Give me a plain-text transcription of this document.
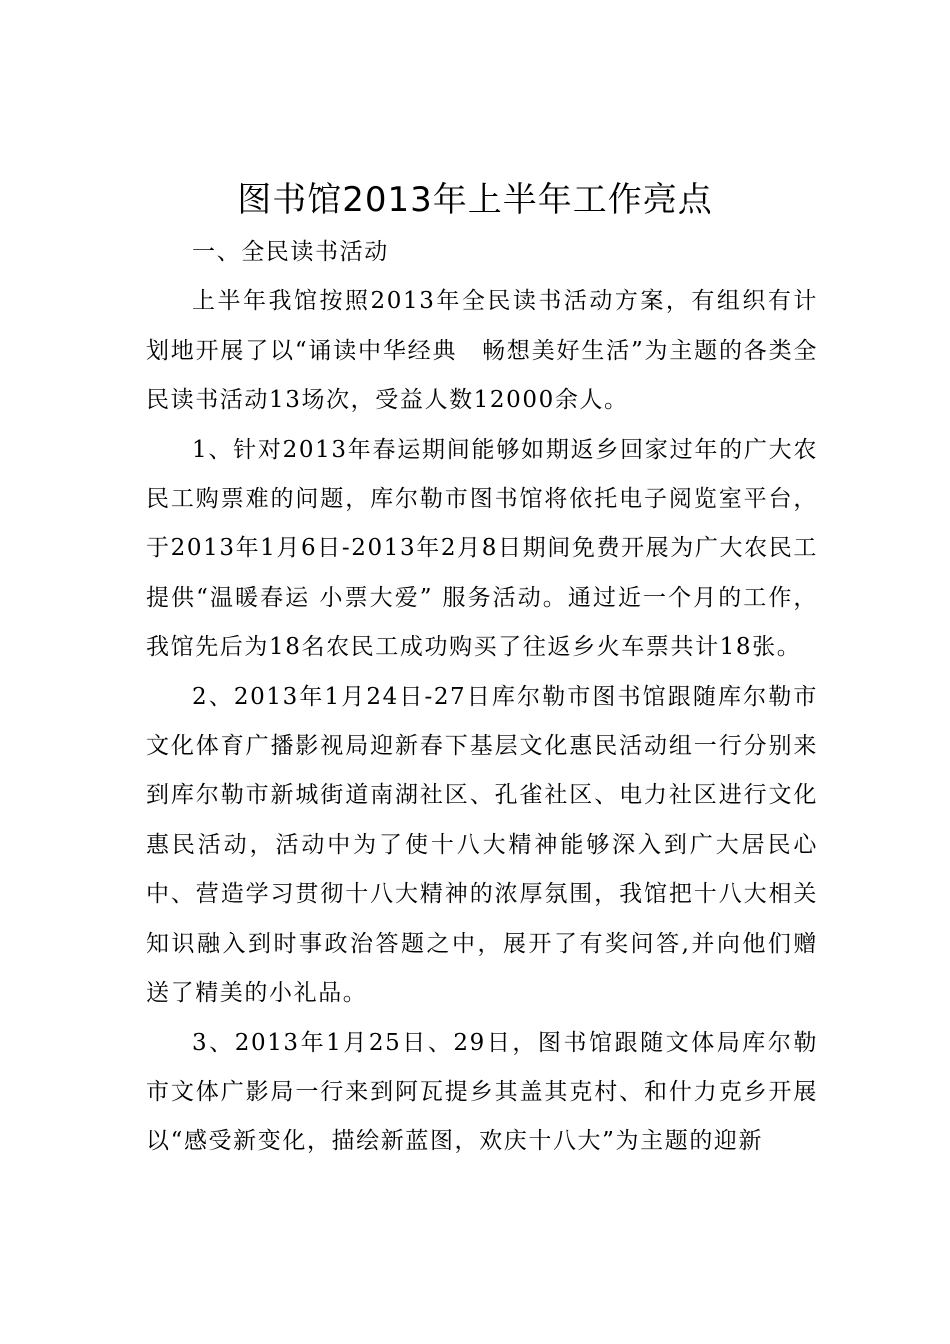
图书馆2013年上半年工作亮点

一、全民读书活动

上半年我馆按照2013年全民读书活动方案，有组织有计划地开展了以“诵读中华经典　畅想美好生活”为主题的各类全民读书活动13场次，受益人数12000余人。

1、针对2013年春运期间能够如期返乡回家过年的广大农民工购票难的问题，库尔勒市图书馆将依托电子阅览室平台，于2013年1月6日-2013年2月8日期间免费开展为广大农民工提供“温暖春运 小票大爱” 服务活动。通过近一个月的工作，我馆先后为18名农民工成功购买了往返乡火车票共计18张。

2、2013年1月24日-27日库尔勒市图书馆跟随库尔勒市文化体育广播影视局迎新春下基层文化惠民活动组一行分别来到库尔勒市新城街道南湖社区、孔雀社区、电力社区进行文化惠民活动，活动中为了使十八大精神能够深入到广大居民心中、营造学习贯彻十八大精神的浓厚氛围，我馆把十八大相关知识融入到时事政治答题之中，展开了有奖问答,并向他们赠送了精美的小礼品。

3、2013年1月25日、29日，图书馆跟随文体局库尔勒市文体广影局一行来到阿瓦提乡其盖其克村、和什力克乡开展以“感受新变化，描绘新蓝图，欢庆十八大”为主题的迎新
